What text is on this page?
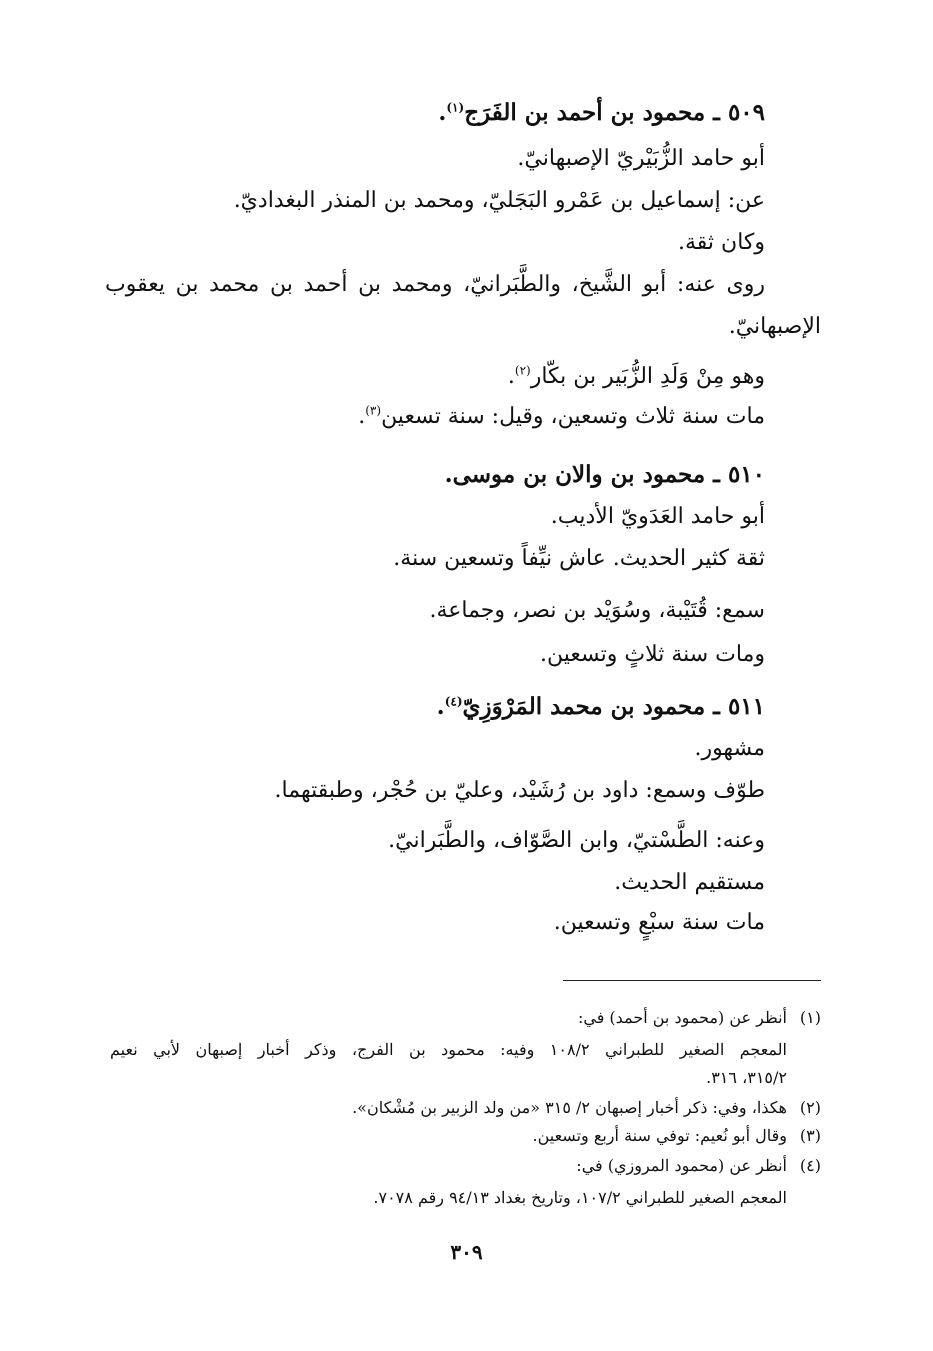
٥٠٩ ـ محمود بن أحمد بن الفَرَج$^{(١)}$.
أبو حامد الزُّبَيْريّ الإصبهانيّ.
عن: إسماعيل بن عَمْرو البَجَليّ، ومحمد بن المنذر البغداديّ.
وكان ثقة.
روى عنه: أبو الشَّيخ، والطَّبَرانيّ، ومحمد بن أحمد بن محمد بن يعقوب
الإصبهانيّ.
وهو مِنْ وَلَدِ الزُّبَير بن بكّار$^{(٢)}$.
مات سنة ثلاث وتسعين، وقيل: سنة تسعين$^{(٣)}$.
٥١٠ ـ محمود بن والان بن موسى.
أبو حامد العَدَويّ الأديب.
ثقة كثير الحديث. عاش نيِّفاً وتسعين سنة.
سمع: قُتَيْبة، وسُوَيْد بن نصر، وجماعة.
ومات سنة ثلاثٍ وتسعين.
٥١١ ـ محمود بن محمد المَرْوَزِيّ$^{(٤)}$.
مشهور.
طوّف وسمع: داود بن رُشَيْد، وعليّ بن حُجْر، وطبقتهما.
وعنه: الطَّسْتيّ، وابن الصَّوّاف، والطَّبَرانيّ.
مستقيم الحديث.
مات سنة سبْعٍ وتسعين.
(١)أنظر عن (محمود بن أحمد) في:
المعجم الصغير للطبراني ١٠٨/٢ وفيه: محمود بن الفرج، وذكر أخبار إصبهان لأبي نعيم
٣١٥/٢، ٣١٦.
(٢)هكذا، وفي: ذكر أخبار إصبهان ٢/ ٣١٥ «من ولد الزبير بن مُشْكان».
(٣)وقال أبو نُعيم: توفي سنة أربع وتسعين.
(٤)أنظر عن (محمود المروزي) في:
المعجم الصغير للطبراني ١٠٧/٢، وتاريخ بغداد ٩٤/١٣ رقم ٧٠٧٨.
٣٠٩
